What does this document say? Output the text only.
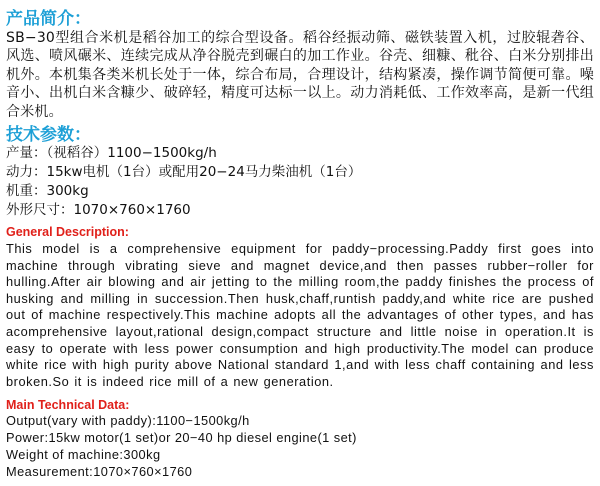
产品简介：

SB−30型组合米机是稻谷加工的综合型设备。稻谷经振动筛、磁铁装置入机，过胶辊砻谷、风选、喷风碾米、连续完成从净谷脱壳到碾白的加工作业。谷壳、细糠、秕谷、白米分别排出机外。本机集各类米机长处于一体，综合布局，合理设计，结构紧凑，操作调节简便可靠。噪音小、出机白米含糠少、破碎轻，精度可达标一以上。动力消耗低、工作效率高，是新一代组合米机。

技术参数：

产量：（视稻谷）1100−1500kg/h

动力：15kw电机（1台）或配用20−24马力柴油机（1台）

机重：300kg

外形尺寸：1070×760×1760

General Description:

This model is a comprehensive equipment for paddy−processing.Paddy first goes into machine through vibrating sieve and magnet device,and then passes rubber−roller for hulling.After air blowing and air jetting to the milling room,the paddy finishes the process of husking and milling in succession.Then husk,chaff,runtish paddy,and white rice are pushed out of machine respectively.This machine adopts all the advantages of other types, and has acomprehensive layout,rational design,compact structure and little noise in operation.It is easy to operate with less power consumption and high productivity.The model can produce white rice with high purity above National standard 1,and with less chaff containing and less broken.So it is indeed rice mill of a new generation.

Main Technical Data:

Output(vary with paddy):1100−1500kg/h

Power:15kw motor(1 set)or 20−40 hp diesel engine(1 set)

Weight of machine:300kg

Measurement:1070×760×1760
